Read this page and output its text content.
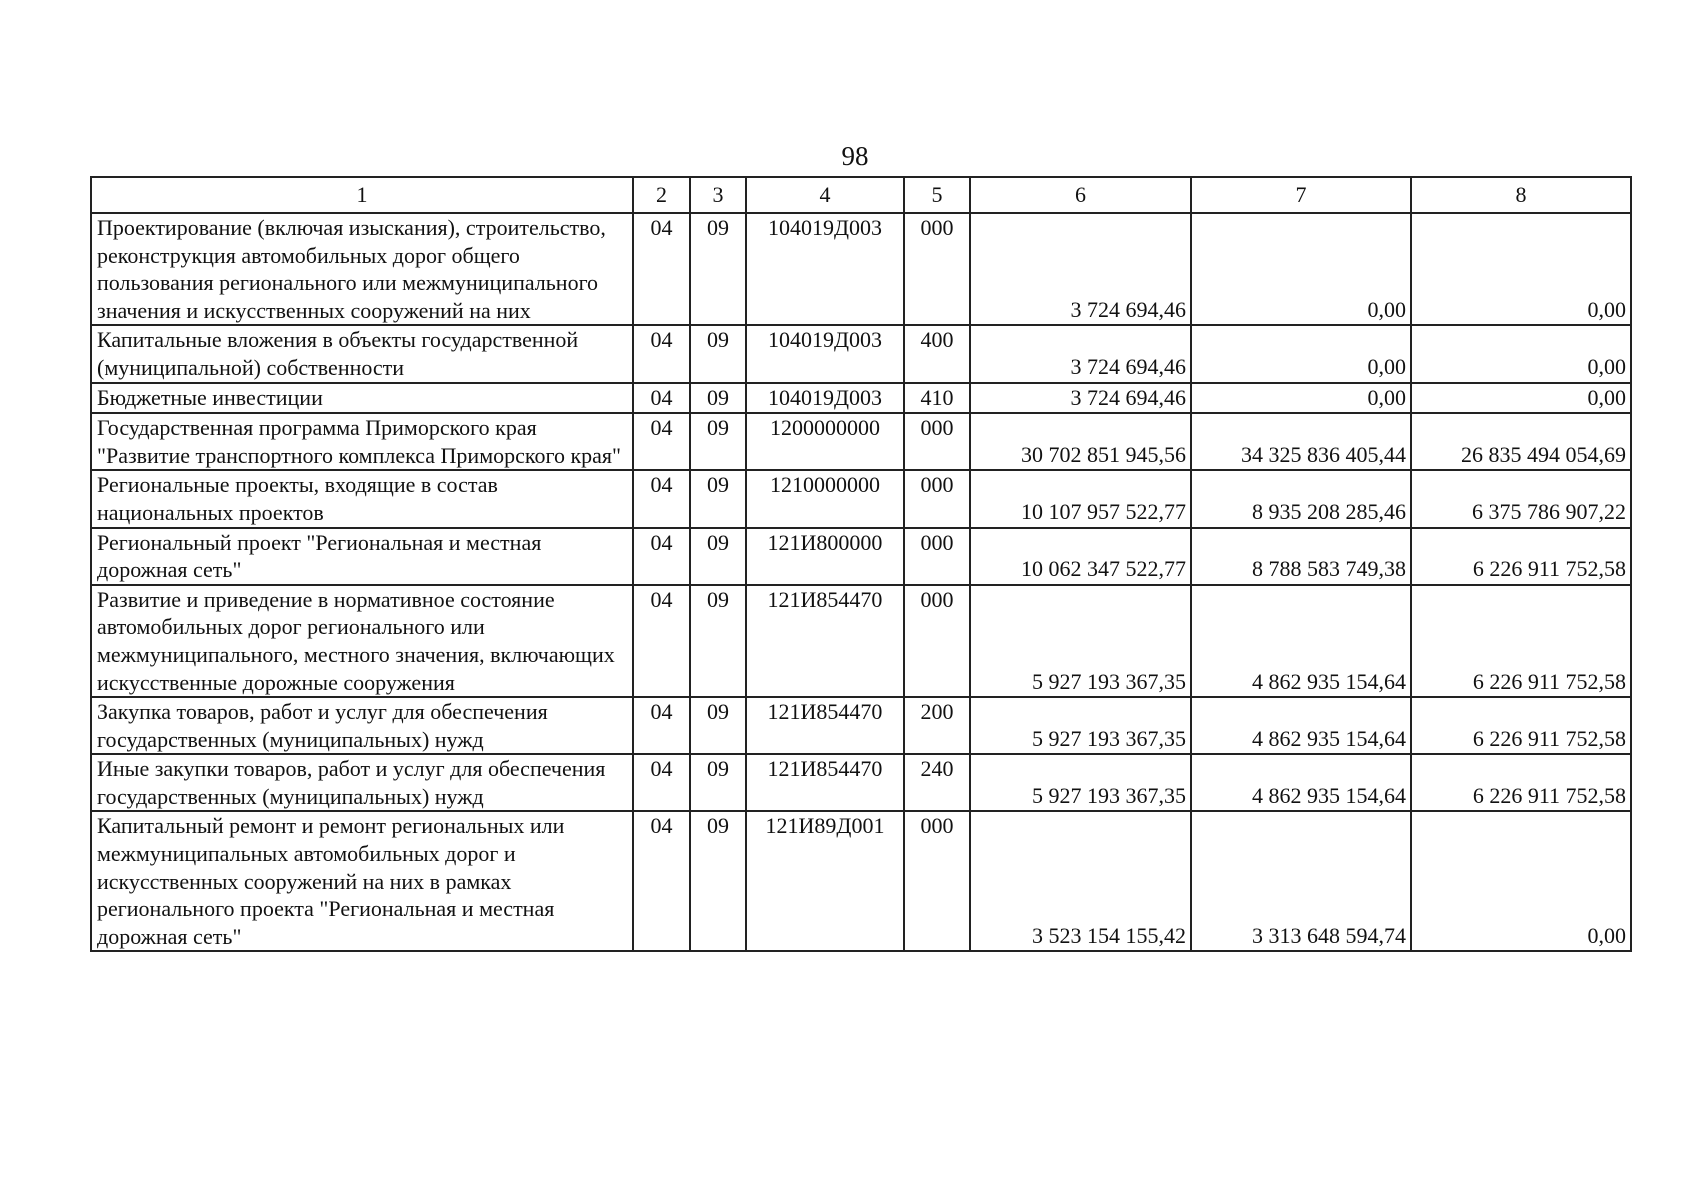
98
1	2	3	4	5	6	7	8
Проектирование (включая изыскания), строительство, реконструкция автомобильных дорог общего пользования регионального или межмуниципального значения и искусственных сооружений на них	04	09	104019Д003	000	3 724 694,46	0,00	0,00
Капитальные вложения в объекты государственной (муниципальной) собственности	04	09	104019Д003	400	3 724 694,46	0,00	0,00
Бюджетные инвестиции	04	09	104019Д003	410	3 724 694,46	0,00	0,00
Государственная программа Приморского края "Развитие транспортного комплекса Приморского края"	04	09	1200000000	000	30 702 851 945,56	34 325 836 405,44	26 835 494 054,69
Региональные проекты, входящие в состав национальных проектов	04	09	1210000000	000	10 107 957 522,77	8 935 208 285,46	6 375 786 907,22
Региональный проект "Региональная и местная дорожная сеть"	04	09	121И800000	000	10 062 347 522,77	8 788 583 749,38	6 226 911 752,58
Развитие и приведение в нормативное состояние автомобильных дорог регионального или межмуниципального, местного значения, включающих искусственные дорожные сооружения	04	09	121И854470	000	5 927 193 367,35	4 862 935 154,64	6 226 911 752,58
Закупка товаров, работ и услуг для обеспечения государственных (муниципальных) нужд	04	09	121И854470	200	5 927 193 367,35	4 862 935 154,64	6 226 911 752,58
Иные закупки товаров, работ и услуг для обеспечения государственных (муниципальных) нужд	04	09	121И854470	240	5 927 193 367,35	4 862 935 154,64	6 226 911 752,58
Капитальный ремонт и ремонт региональных или межмуниципальных автомобильных дорог и искусственных сооружений на них в рамках регионального проекта "Региональная и местная дорожная сеть"	04	09	121И89Д001	000	3 523 154 155,42	3 313 648 594,74	0,00
